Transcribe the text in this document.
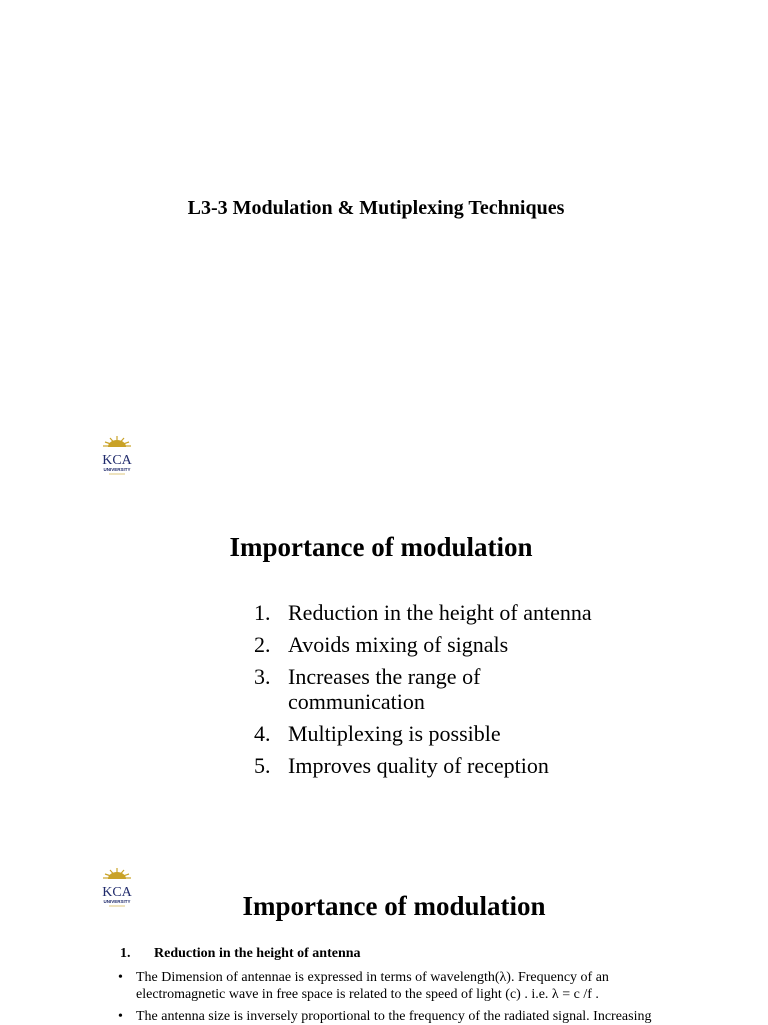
L3-3 Modulation & Mutiplexing Techniques
KCA
UNIVERSITY
Importance of modulation
1. Reduction in the height of antenna
2. Avoids mixing of signals
3. Increases the range of communication
4. Multiplexing is possible
5. Improves quality of reception
KCA
UNIVERSITY	Importance of modulation
1. Reduction in the height of antenna
• The Dimension of antennae is expressed in terms of wavelength(λ). Frequency of an electromagnetic wave in free space is related to the speed of light (c) . i.e. λ = c /f .
• The antenna size is inversely proportional to the frequency of the radiated signal. Increasing
